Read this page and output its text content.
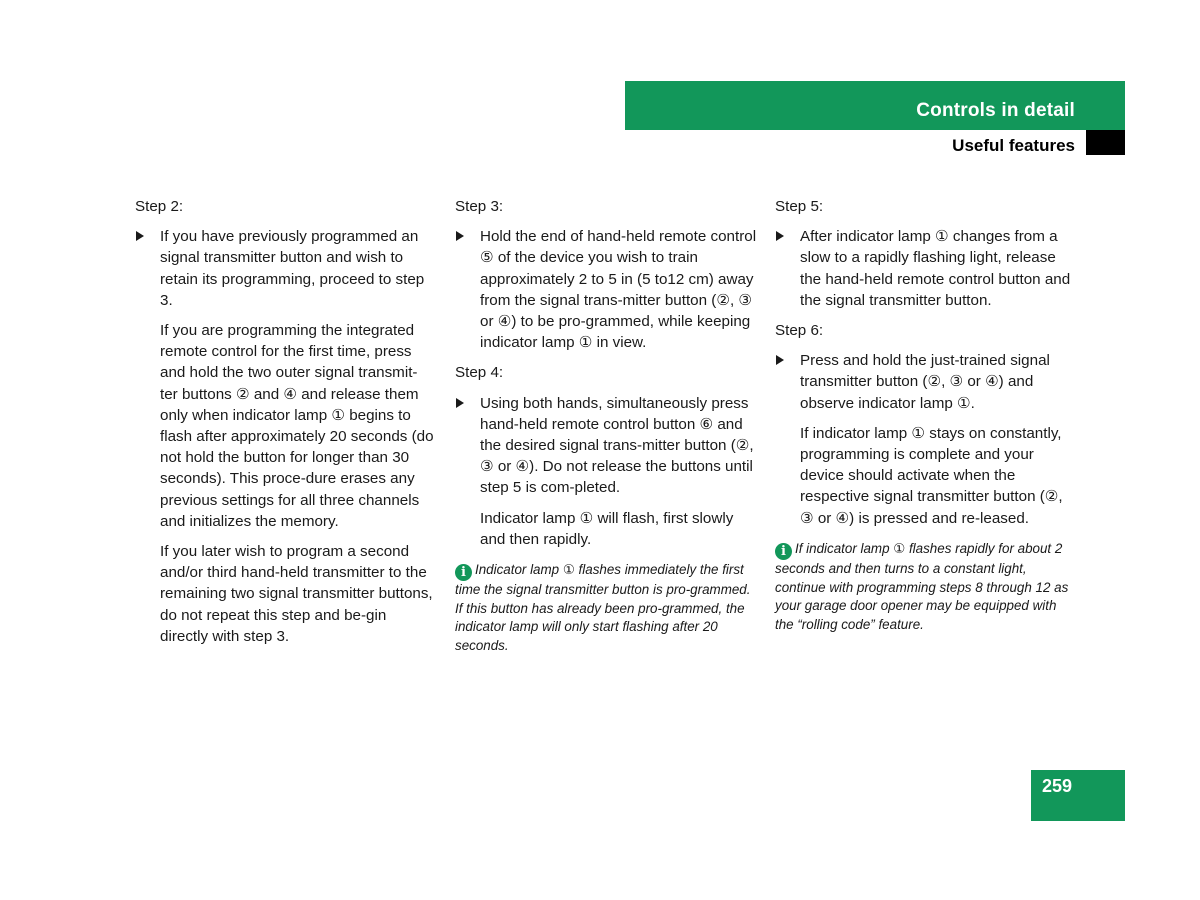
Controls in detail
Useful features

Step 2:

If you have previously programmed an signal transmitter button and wish to retain its programming, proceed to step 3.

If you are programming the integrated remote control for the first time, press and hold the two outer signal transmit-ter buttons ② and ④ and release them only when indicator lamp ① begins to flash after approximately 20 seconds (do not hold the button for longer than 30 seconds). This proce-dure erases any previous settings for all three channels and initializes the memory.

If you later wish to program a second and/or third hand-held transmitter to the remaining two signal transmitter buttons, do not repeat this step and be-gin directly with step 3.

Step 3:

Hold the end of hand-held remote control ⑤ of the device you wish to train approximately 2 to 5 in (5 to12 cm) away from the signal trans-mitter button (②, ③ or ④) to be pro-grammed, while keeping indicator lamp ① in view.

Step 4:

Using both hands, simultaneously press hand-held remote control button ⑥ and the desired signal trans-mitter button (②, ③ or ④). Do not release the buttons until step 5 is com-pleted.

Indicator lamp ① will flash, first slowly and then rapidly.

i Indicator lamp ① flashes immediately the first time the signal transmitter button is pro-grammed. If this button has already been pro-grammed, the indicator lamp will only start flashing after 20 seconds.

Step 5:

After indicator lamp ① changes from a slow to a rapidly flashing light, release the hand-held remote control button and the signal transmitter button.

Step 6:

Press and hold the just-trained signal transmitter button (②, ③ or ④) and observe indicator lamp ①.

If indicator lamp ① stays on constantly, programming is complete and your device should activate when the respective signal transmitter button (②, ③ or ④) is pressed and re-leased.

i If indicator lamp ① flashes rapidly for about 2 seconds and then turns to a constant light, continue with programming steps 8 through 12 as your garage door opener may be equipped with the “rolling code” feature.

259
